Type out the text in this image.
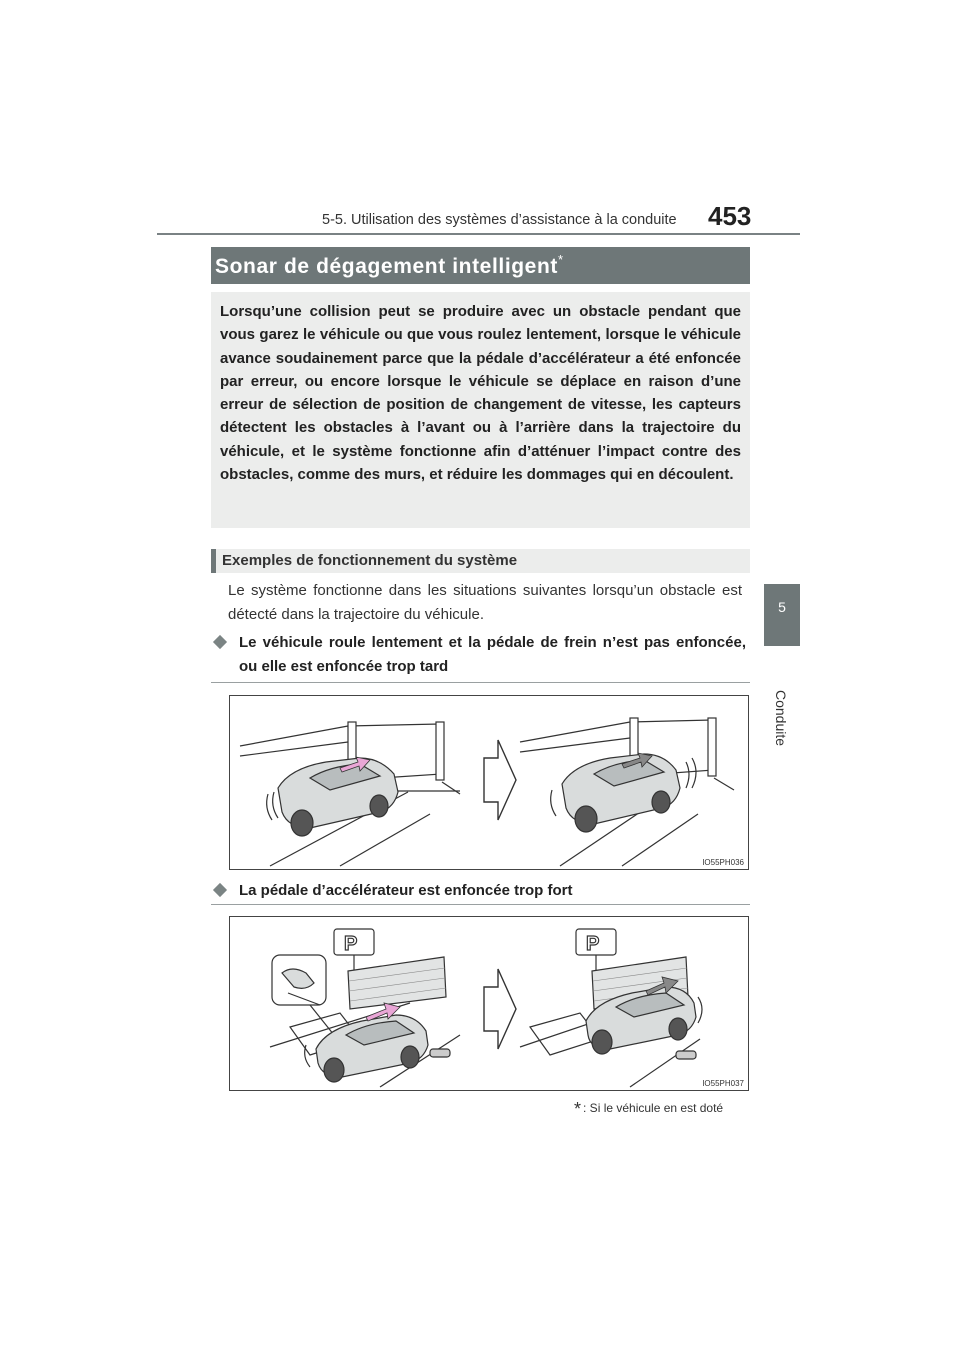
5-5. Utilisation des systèmes d’assistance à la conduite 453
5
Conduite
Sonar de dégagement intelligent*

Lorsqu’une collision peut se produire avec un obstacle pendant que vous garez le véhicule ou que vous roulez lentement, lorsque le véhicule avance soudainement parce que la pédale d’accélérateur a été enfoncée par erreur, ou encore lorsque le véhicule se déplace en raison d’une erreur de sélection de position de changement de vitesse, les capteurs détectent les obstacles à l’avant ou à l’arrière dans la trajectoire du véhicule, et le système fonctionne afin d’atténuer l’impact contre des obstacles, comme des murs, et réduire les dommages qui en découlent.

Exemples de fonctionnement du système

Le système fonctionne dans les situations suivantes lorsqu’un obstacle est détecté dans la trajectoire du véhicule.

Le véhicule roule lentement et la pédale de frein n’est pas enfoncée, ou elle est enfoncée trop tard
IO55PH036
La pédale d’accélérateur est enfoncée trop fort
P	P
IO55PH037
* : Si le véhicule en est doté
